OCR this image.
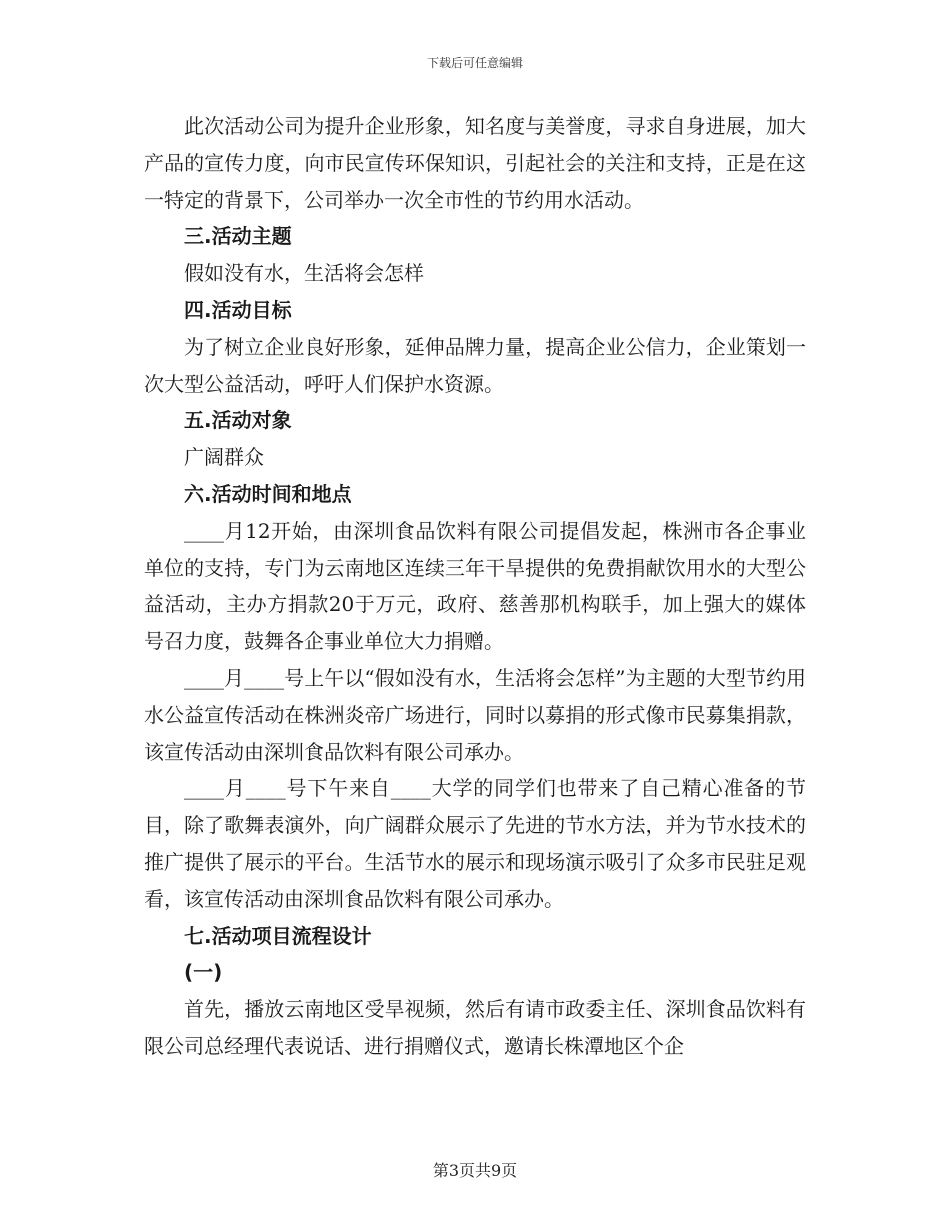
下载后可任意编辑

此次活动公司为提升企业形象，知名度与美誉度，寻求自身进展，加大产品的宣传力度，向市民宣传环保知识，引起社会的关注和支持，正是在这一特定的背景下，公司举办一次全市性的节约用水活动。

三.活动主题

假如没有水，生活将会怎样

四.活动目标

为了树立企业良好形象，延伸品牌力量，提高企业公信力，企业策划一次大型公益活动，呼吁人们保护水资源。

五.活动对象

广阔群众

六.活动时间和地点

____月12开始，由深圳食品饮料有限公司提倡发起，株洲市各企事业单位的支持，专门为云南地区连续三年干旱提供的免费捐献饮用水的大型公益活动，主办方捐款20于万元，政府、慈善那机构联手，加上强大的媒体号召力度，鼓舞各企事业单位大力捐赠。

____月____号上午以“假如没有水，生活将会怎样”为主题的大型节约用水公益宣传活动在株洲炎帝广场进行，同时以募捐的形式像市民募集捐款，该宣传活动由深圳食品饮料有限公司承办。

____月____号下午来自____大学的同学们也带来了自己精心准备的节目，除了歌舞表演外，向广阔群众展示了先进的节水方法，并为节水技术的推广提供了展示的平台。生活节水的展示和现场演示吸引了众多市民驻足观看，该宣传活动由深圳食品饮料有限公司承办。

七.活动项目流程设计

(一)

首先，播放云南地区受旱视频，然后有请市政委主任、深圳食品饮料有限公司总经理代表说话、进行捐赠仪式，邀请长株潭地区个企

第3页共9页
